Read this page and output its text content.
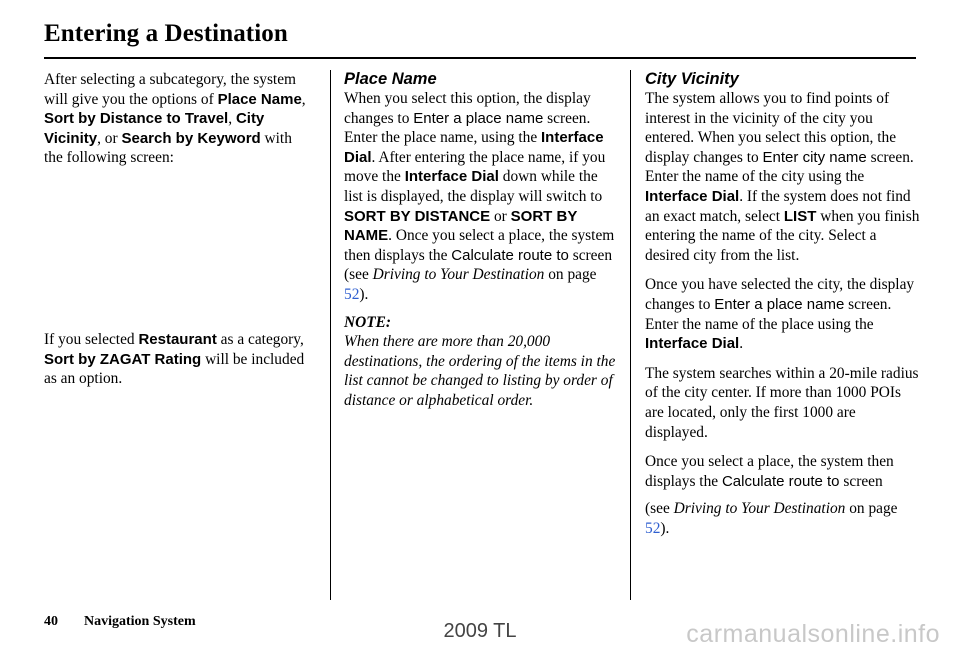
Entering a Destination

After selecting a subcategory, the system will give you the options of Place Name, Sort by Distance to Travel, City Vicinity, or Search by Keyword with the following screen:

If you selected Restaurant as a category, Sort by ZAGAT Rating will be included as an option.

Place Name

When you select this option, the display changes to Enter a place name screen. Enter the place name, using the Interface Dial. After entering the place name, if you move the Interface Dial down while the list is displayed, the display will switch to SORT BY DISTANCE or SORT BY NAME. Once you select a place, the system then displays the Calculate route to screen (see Driving to Your Destination on page 52).

NOTE:

When there are more than 20,000 destinations, the ordering of the items in the list cannot be changed to listing by order of distance or alphabetical order.

City Vicinity

The system allows you to find points of interest in the vicinity of the city you entered. When you select this option, the display changes to Enter city name screen. Enter the name of the city using the Interface Dial. If the system does not find an exact match, select LIST when you finish entering the name of the city. Select a desired city from the list.

Once you have selected the city, the display changes to Enter a place name screen. Enter the name of the place using the Interface Dial.

The system searches within a 20-mile radius of the city center. If more than 1000 POIs are located, only the first 1000 are displayed.

Once you select a place, the system then displays the Calculate route to screen

(see Driving to Your Destination on page 52).

40 Navigation System	2009 TL	carmanualsonline.info
